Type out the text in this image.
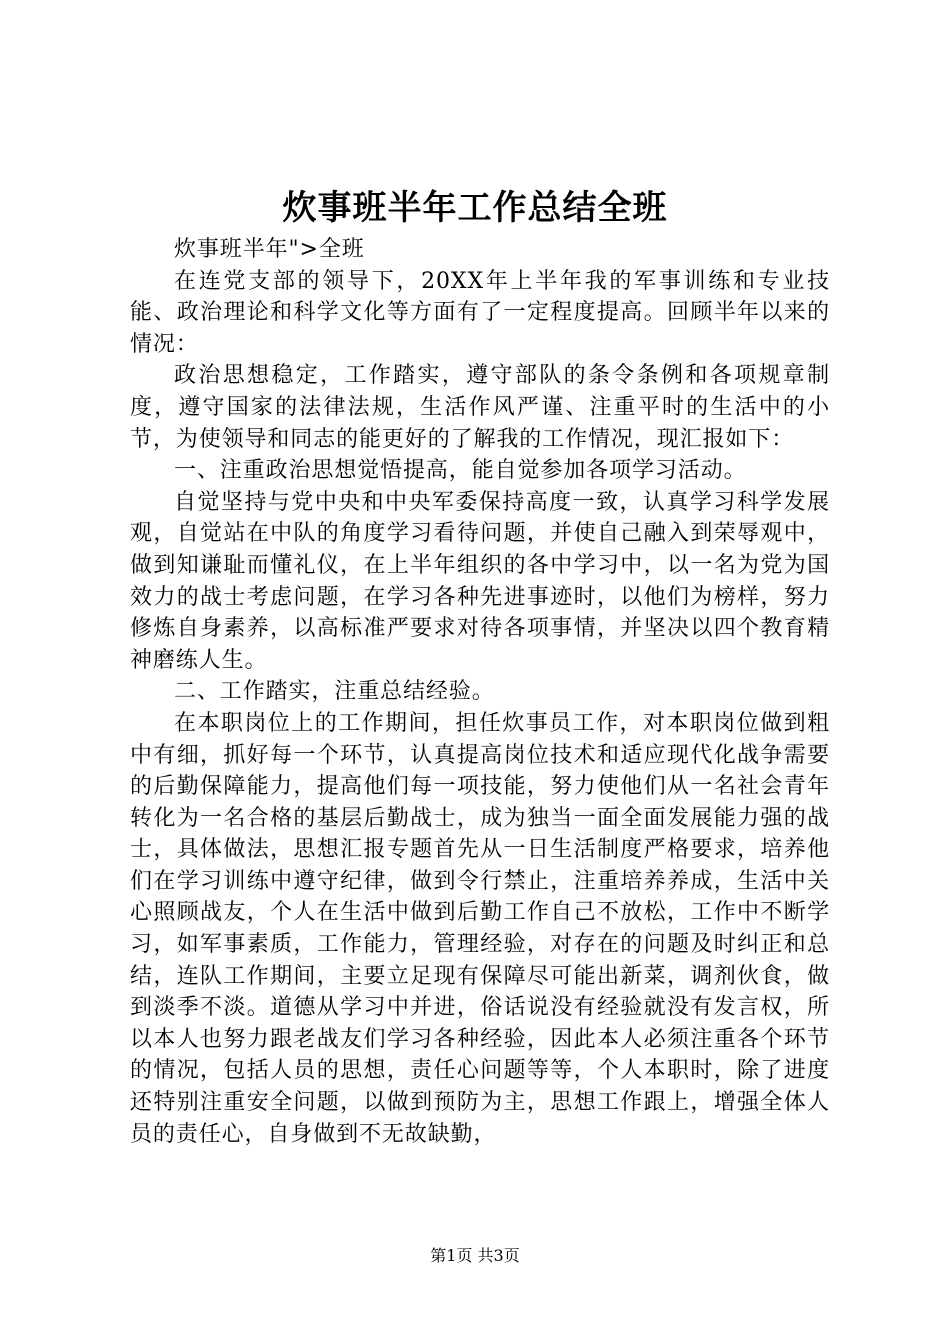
炊事班半年工作总结全班

炊事班半年">全班

在连党支部的领导下，20XX年上半年我的军事训练和专业技能、政治理论和科学文化等方面有了一定程度提高。回顾半年以来的情况：

政治思想稳定，工作踏实，遵守部队的条令条例和各项规章制度，遵守国家的法律法规，生活作风严谨、注重平时的生活中的小节，为使领导和同志的能更好的了解我的工作情况，现汇报如下：

一、注重政治思想觉悟提高，能自觉参加各项学习活动。

自觉坚持与党中央和中央军委保持高度一致，认真学习科学发展观，自觉站在中队的角度学习看待问题，并使自己融入到荣辱观中，做到知谦耻而懂礼仪，在上半年组织的各中学习中，以一名为党为国效力的战士考虑问题，在学习各种先进事迹时，以他们为榜样，努力修炼自身素养，以高标准严要求对待各项事情，并坚决以四个教育精神磨练人生。

二、工作踏实，注重总结经验。

在本职岗位上的工作期间，担任炊事员工作，对本职岗位做到粗中有细，抓好每一个环节，认真提高岗位技术和适应现代化战争需要的后勤保障能力，提高他们每一项技能，努力使他们从一名社会青年转化为一名合格的基层后勤战士，成为独当一面全面发展能力强的战士，具体做法，思想汇报专题首先从一日生活制度严格要求，培养他们在学习训练中遵守纪律，做到令行禁止，注重培养养成，生活中关心照顾战友，个人在生活中做到后勤工作自己不放松，工作中不断学习，如军事素质，工作能力，管理经验，对存在的问题及时纠正和总结，连队工作期间，主要立足现有保障尽可能出新菜，调剂伙食，做到淡季不淡。道德从学习中并进，俗话说没有经验就没有发言权，所以本人也努力跟老战友们学习各种经验，因此本人必须注重各个环节的情况，包括人员的思想，责任心问题等等，个人本职时，除了进度还特别注重安全问题，以做到预防为主，思想工作跟上，增强全体人员的责任心，自身做到不无故缺勤，

第1页 共3页
